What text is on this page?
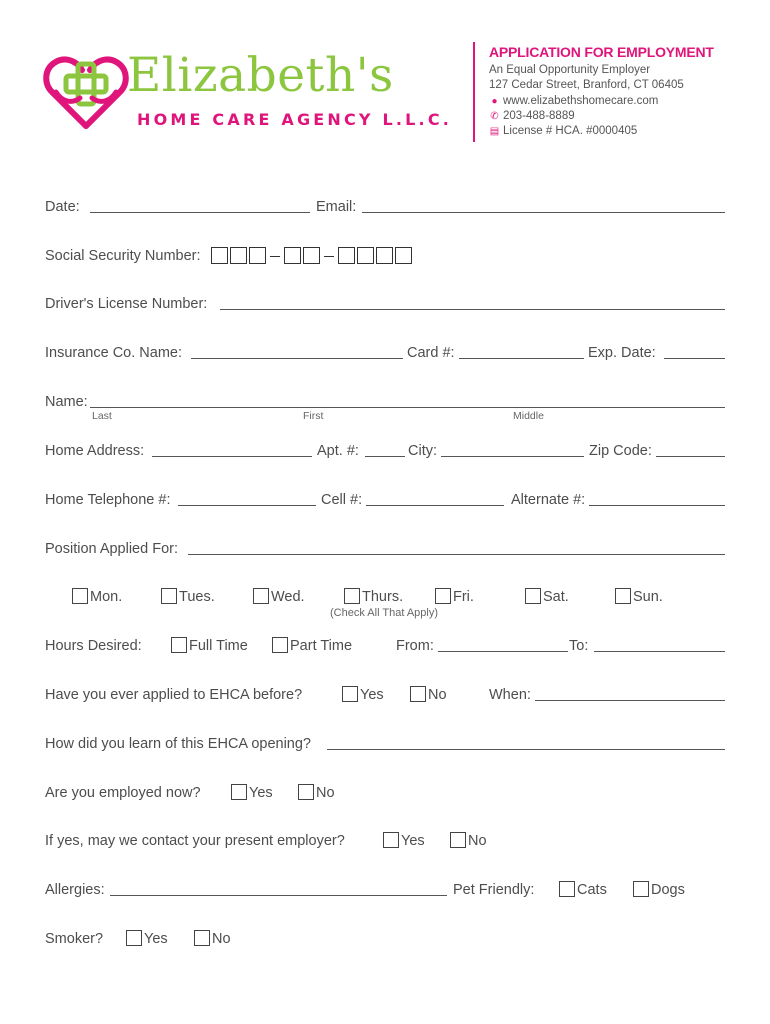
Elizabeth's
HOME CARE AGENCY L.L.C.
APPLICATION FOR EMPLOYMENT
An Equal Opportunity Employer
127 Cedar Street, Branford, CT 06405
● www.elizabethshomecare.com
✆ 203-488-8889
▤ License # HCA. #0000405
Date:	Email:
Social Security Number:
Driver's License Number:
Insurance Co. Name:	Card #:	Exp. Date:
Name:
Last	First	Middle
Home Address:	Apt. #:	City:	Zip Code:
Home Telephone #:	Cell #:	Alternate #:
Position Applied For:
Mon.	Tues.	Wed.	Thurs.	Fri.	Sat.	Sun.
(Check All That Apply)
Hours Desired:	Full Time	Part Time	From:	To:
Have you ever applied to EHCA before?	Yes	No	When:
How did you learn of this EHCA opening?
Are you employed now?	Yes	No
If yes, may we contact your present employer?	Yes	No
Allergies:	Pet Friendly:	Cats	Dogs
Smoker?	Yes	No
